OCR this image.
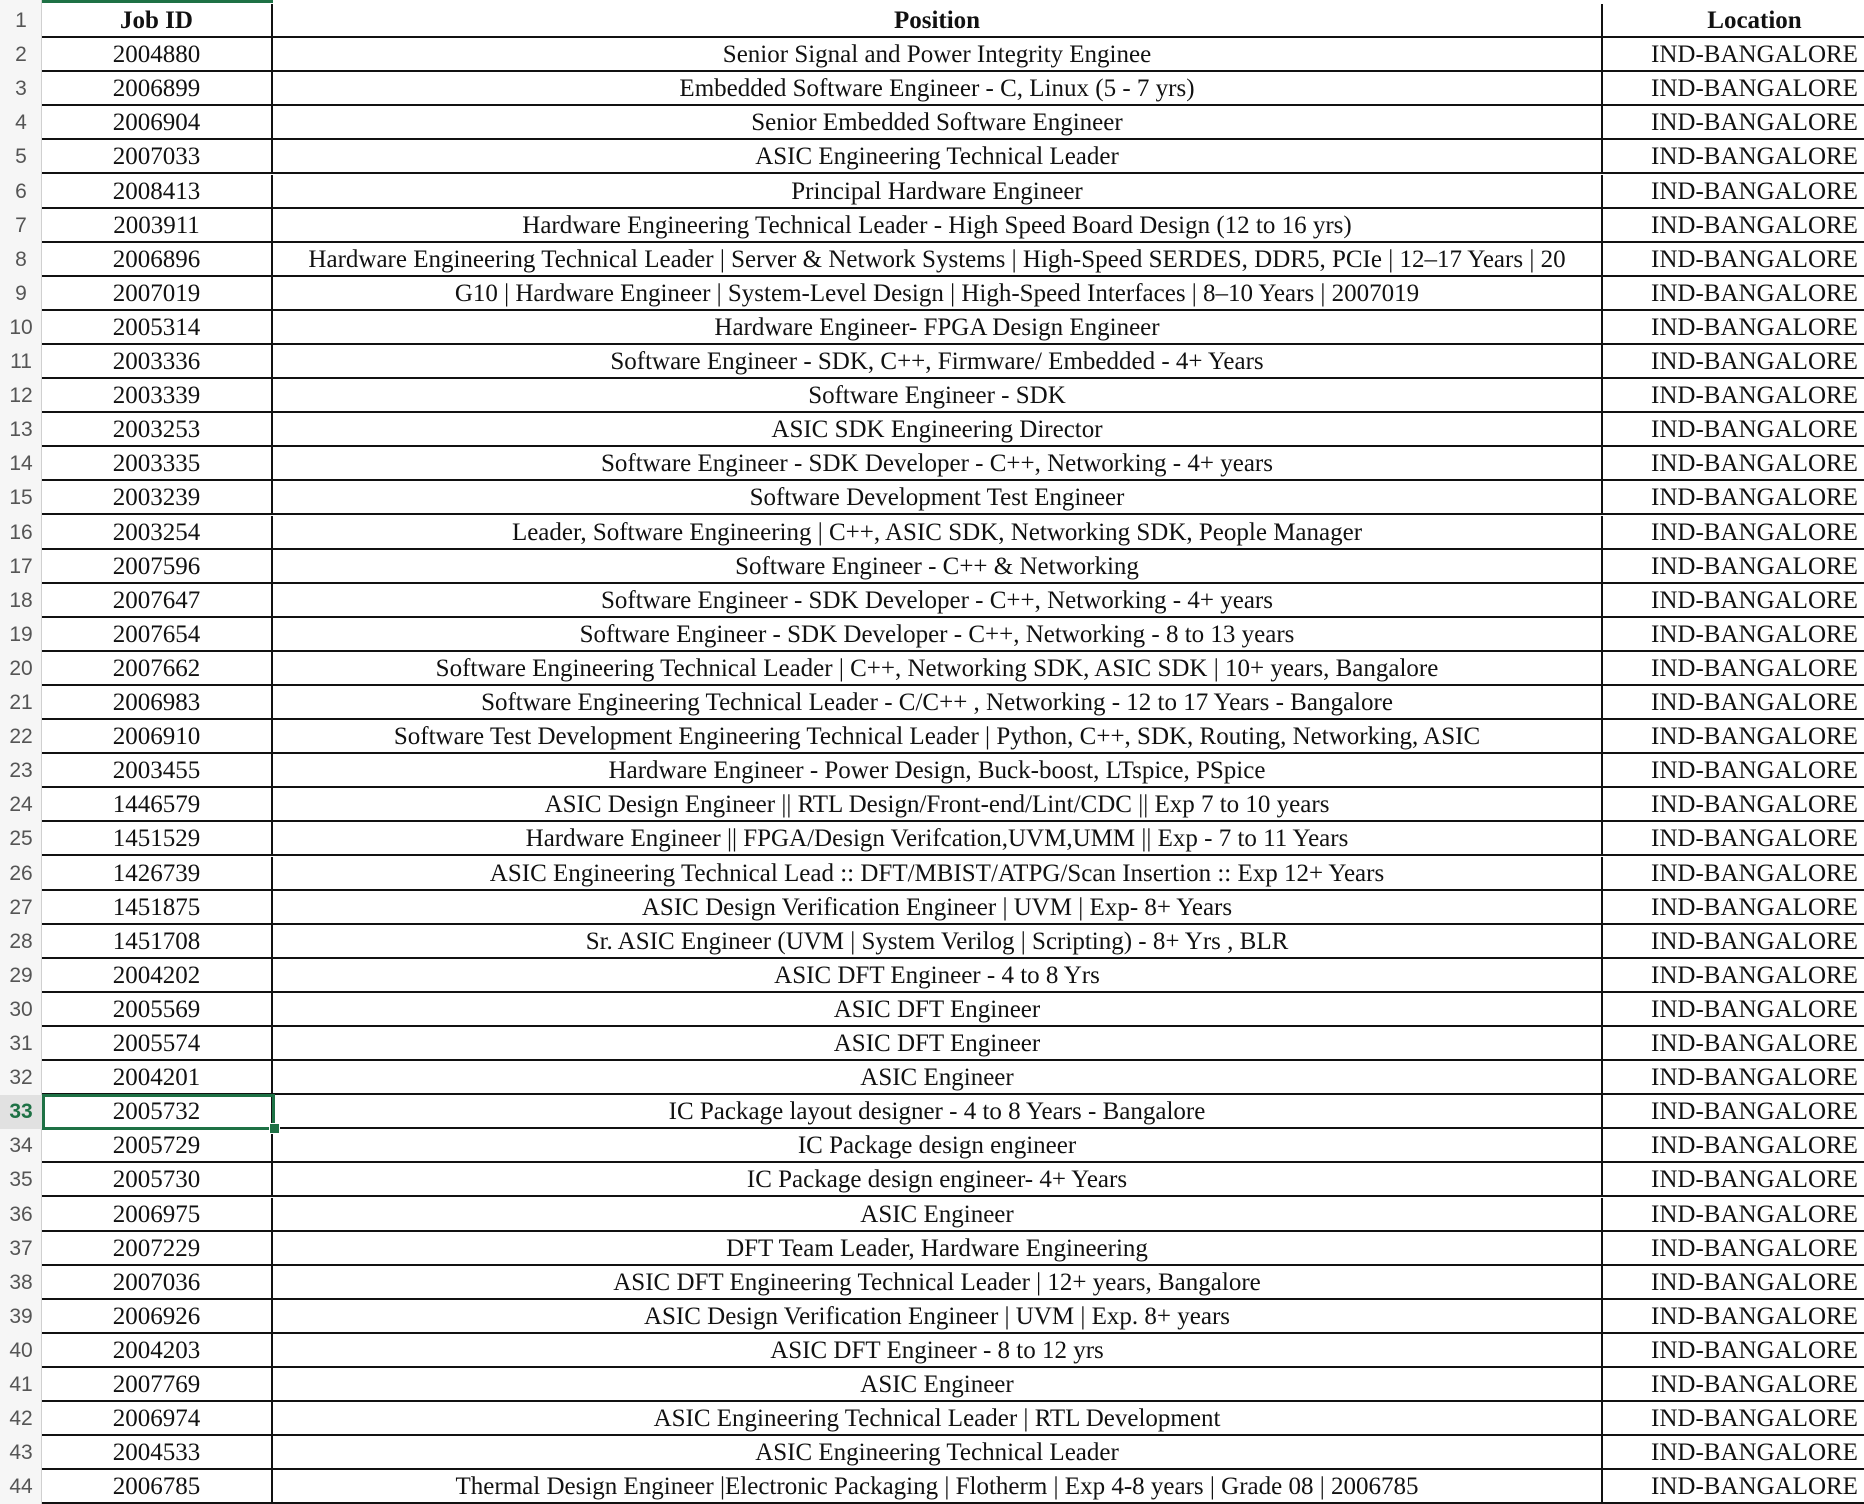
1	Job ID	Position	Location
2004880	Senior Signal and Power Integrity Enginee	IND-BANGALORE
2006899	Embedded Software Engineer - C, Linux (5 - 7 yrs)	IND-BANGALORE
2006904	Senior Embedded Software Engineer	IND-BANGALORE
2007033	ASIC Engineering Technical Leader	IND-BANGALORE
2008413	Principal Hardware Engineer	IND-BANGALORE
2003911	Hardware Engineering Technical Leader - High Speed Board Design (12 to 16 yrs)	IND-BANGALORE
2006896	Hardware Engineering Technical Leader | Server & Network Systems | High-Speed SERDES, DDR5, PCIe | 12–17 Years | 20	IND-BANGALORE
2007019	G10 | Hardware Engineer | System-Level Design | High-Speed Interfaces | 8–10 Years | 2007019	IND-BANGALORE
2005314	Hardware Engineer- FPGA Design Engineer	IND-BANGALORE
2003336	Software Engineer - SDK, C++, Firmware/ Embedded - 4+ Years	IND-BANGALORE
2003339	Software Engineer - SDK	IND-BANGALORE
2003253	ASIC SDK Engineering Director	IND-BANGALORE
2003335	Software Engineer - SDK Developer - C++, Networking - 4+ years	IND-BANGALORE
2003239	Software Development Test Engineer	IND-BANGALORE
2003254	Leader, Software Engineering | C++, ASIC SDK, Networking SDK, People Manager	IND-BANGALORE
2007596	Software Engineer - C++ & Networking	IND-BANGALORE
2007647	Software Engineer - SDK Developer - C++, Networking - 4+ years	IND-BANGALORE
2007654	Software Engineer - SDK Developer - C++, Networking - 8 to 13 years	IND-BANGALORE
2007662	Software Engineering Technical Leader | C++, Networking SDK, ASIC SDK | 10+ years, Bangalore	IND-BANGALORE
2006983	Software Engineering Technical Leader - C/C++ , Networking - 12 to 17 Years - Bangalore	IND-BANGALORE
2006910	Software Test Development Engineering Technical Leader | Python, C++, SDK, Routing, Networking, ASIC	IND-BANGALORE
2003455	Hardware Engineer - Power Design, Buck-boost, LTspice, PSpice	IND-BANGALORE
1446579	ASIC Design Engineer || RTL Design/Front-end/Lint/CDC || Exp 7 to 10 years	IND-BANGALORE
1451529	Hardware Engineer || FPGA/Design Verifcation,UVM,UMM || Exp - 7 to 11 Years	IND-BANGALORE
1426739	ASIC Engineering Technical Lead :: DFT/MBIST/ATPG/Scan Insertion :: Exp 12+ Years	IND-BANGALORE
1451875	ASIC Design Verification Engineer | UVM | Exp- 8+ Years	IND-BANGALORE
1451708	Sr. ASIC Engineer (UVM | System Verilog | Scripting) - 8+ Yrs , BLR	IND-BANGALORE
2004202	ASIC DFT Engineer - 4 to 8 Yrs	IND-BANGALORE
2005569	ASIC DFT Engineer	IND-BANGALORE
2005574	ASIC DFT Engineer	IND-BANGALORE
2004201	ASIC Engineer	IND-BANGALORE
2005732	IC Package layout designer - 4 to 8 Years - Bangalore	IND-BANGALORE
2005729	IC Package design engineer	IND-BANGALORE
2005730	IC Package design engineer- 4+ Years	IND-BANGALORE
2006975	ASIC Engineer	IND-BANGALORE
2007229	DFT Team Leader, Hardware Engineering	IND-BANGALORE
2007036	ASIC DFT Engineering Technical Leader | 12+ years, Bangalore	IND-BANGALORE
2006926	ASIC Design Verification Engineer | UVM | Exp. 8+ years	IND-BANGALORE
2004203	ASIC DFT Engineer - 8 to 12 yrs	IND-BANGALORE
2007769	ASIC Engineer	IND-BANGALORE
2006974	ASIC Engineering Technical Leader | RTL Development	IND-BANGALORE
2004533	ASIC Engineering Technical Leader	IND-BANGALORE
2006785	Thermal Design Engineer |Electronic Packaging | Flotherm | Exp 4-8 years | Grade 08 | 2006785	IND-BANGALORE
2
3
4
5
6
7
8
9
10
11
12
13
14
15
16
17
18
19
20
21
22
23
24
25
26
27
28
29
30
31
32
33
34
35
36
37
38
39
40
41
42
43
44
